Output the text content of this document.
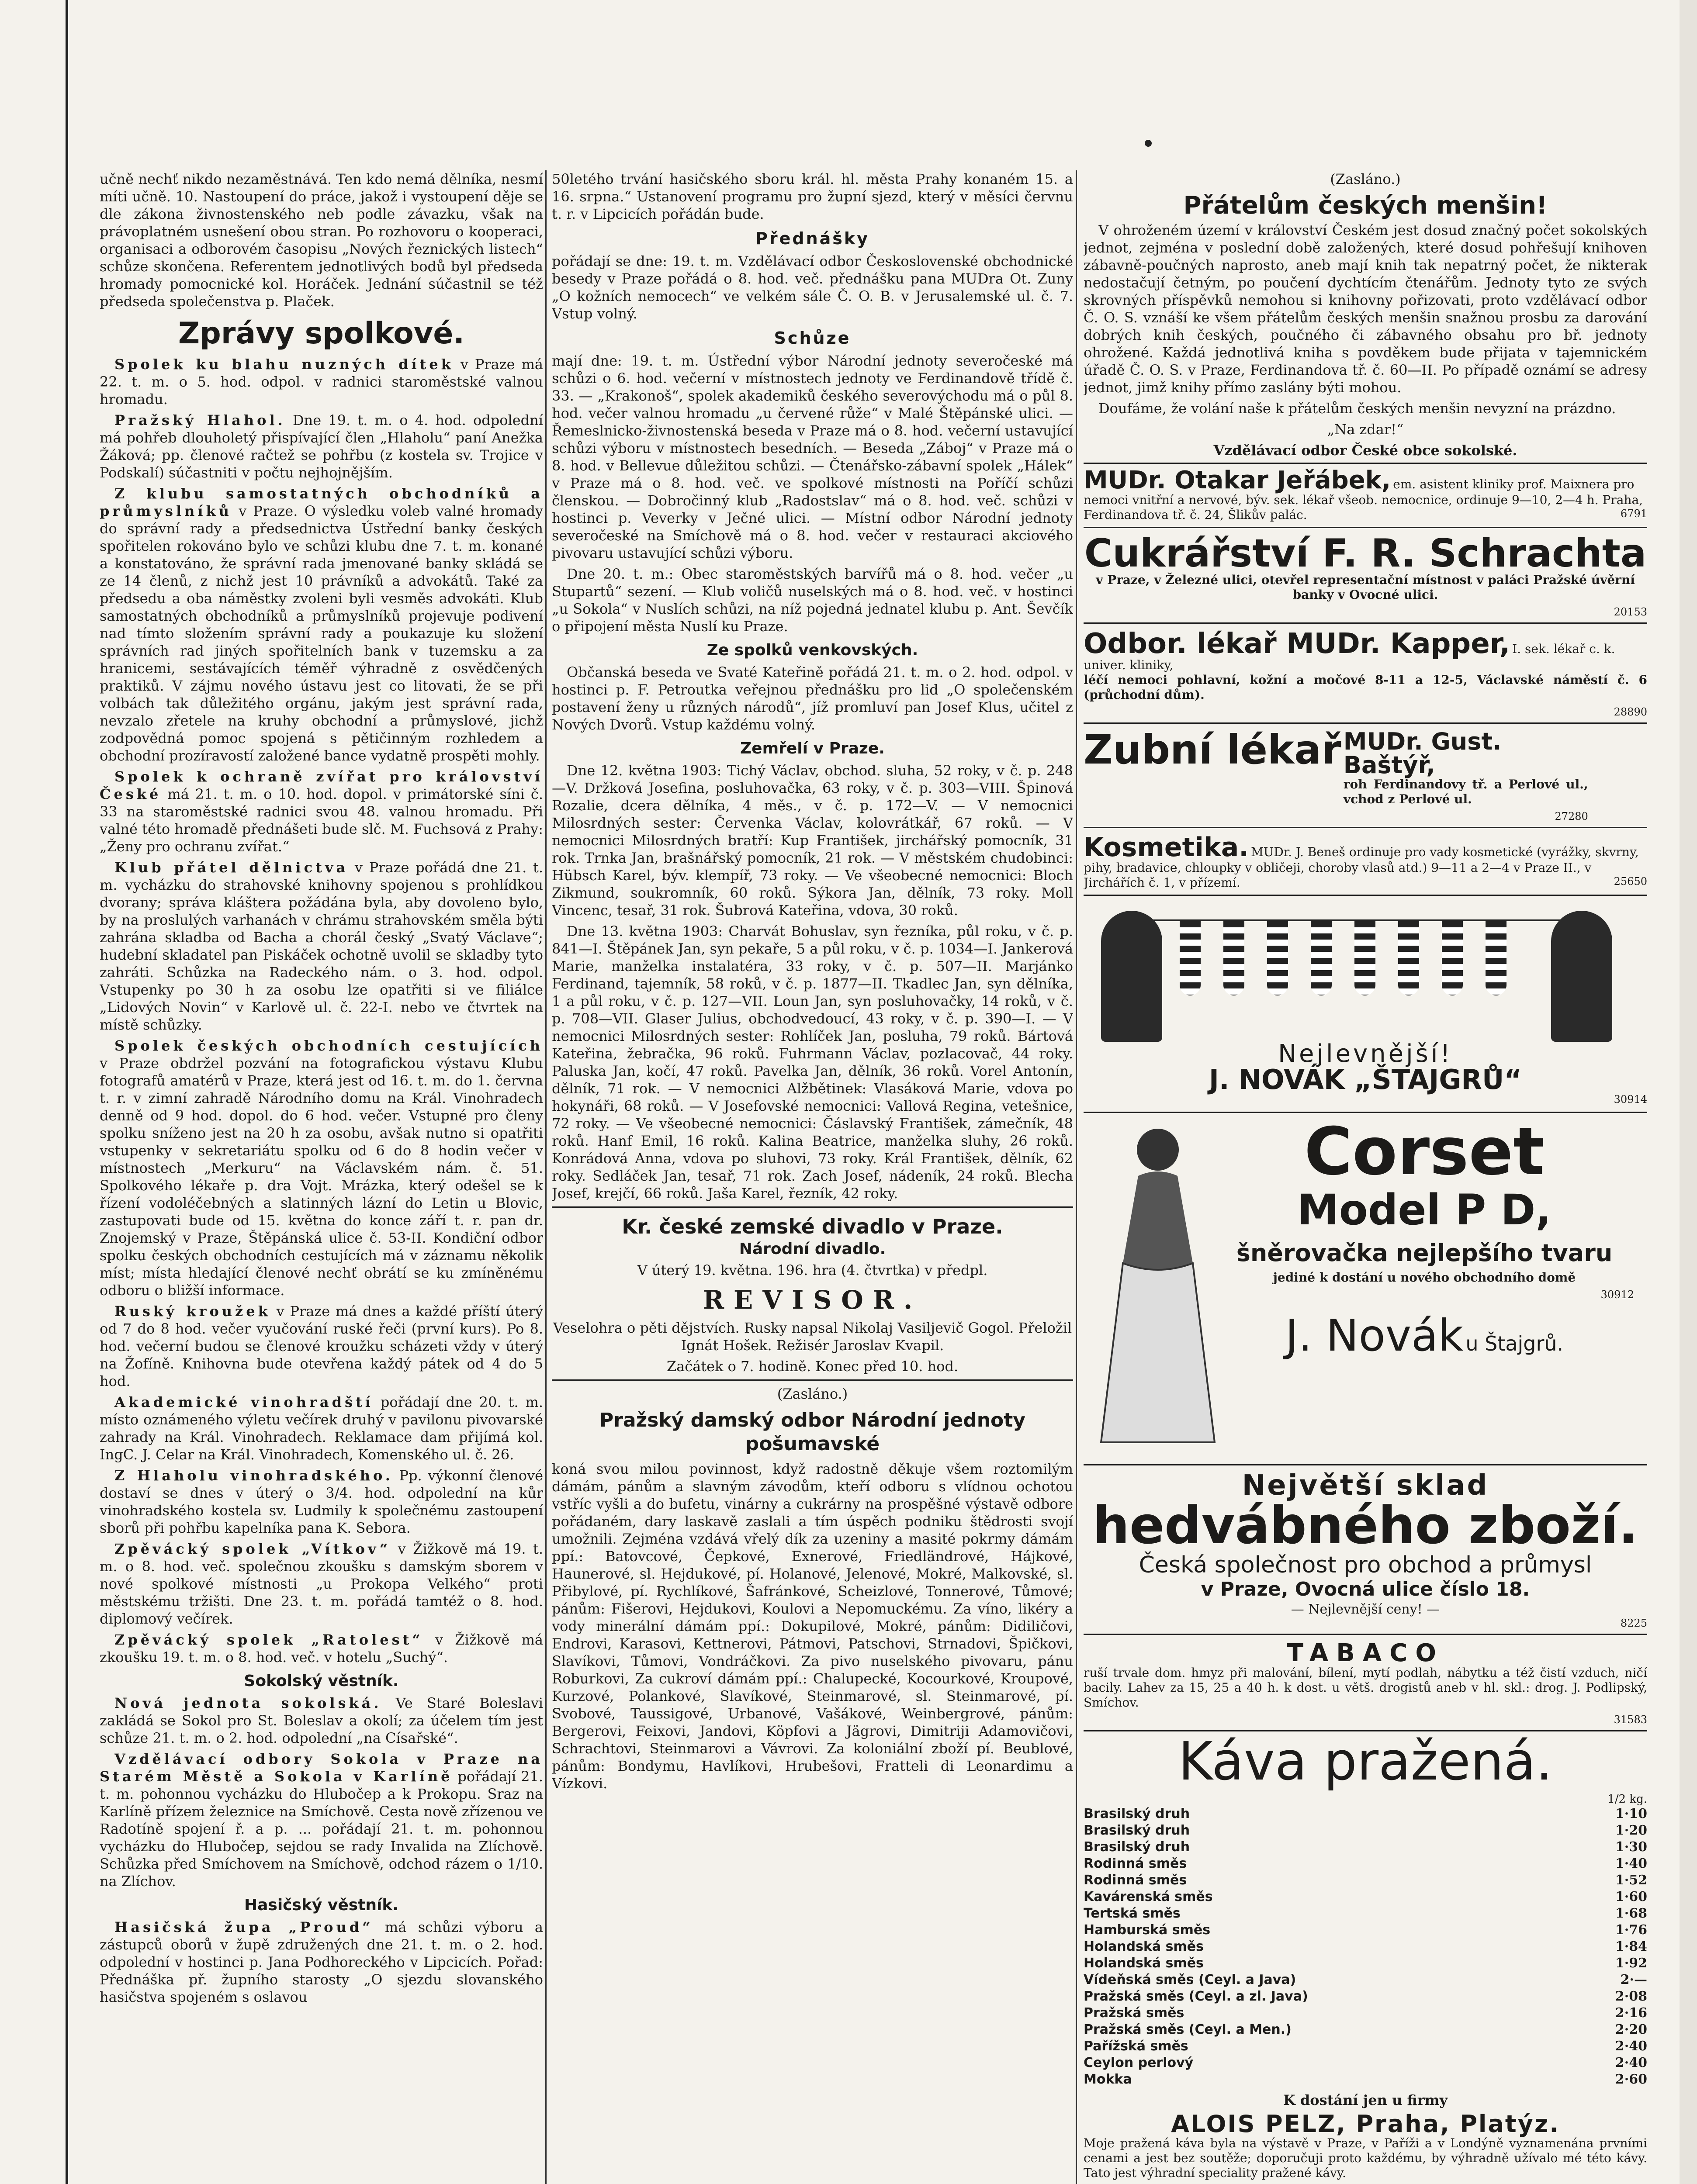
učně nechť nikdo nezaměstnává. Ten kdo nemá dělníka, nesmí míti učně. 10. Nastoupení do práce, jakož i vystoupení děje se dle zákona živnostenského neb podle závazku, však na právoplatném usnešení obou stran. Po rozhovoru o kooperaci, organisaci a odborovém časopisu „Nových řeznických listech“ schůze skončena. Referentem jednotlivých bodů byl předseda hromady pomocnické kol. Horáček. Jednání súčastnil se též předseda společenstva p. Plaček.

Zprávy spolkové.

Spolek ku blahu nuzných dítek v Praze má 22. t. m. o 5. hod. odpol. v radnici staroměstské valnou hromadu.

Pražský Hlahol. Dne 19. t. m. o 4. hod. odpolední má pohřeb dlouholetý přispívající člen „Hlaholu“ paní Anežka Žáková; pp. členové račtež se pohřbu (z kostela sv. Trojice v Podskalí) súčastniti v počtu nejhojnějším.

Z klubu samostatných obchodníků a průmyslníků v Praze. O výsledku voleb valné hromady do správní rady a předsednictva Ústřední banky českých spořitelen rokováno bylo ve schůzi klubu dne 7. t. m. konané a konstatováno, že správní rada jmenované banky skládá se ze 14 členů, z nichž jest 10 právníků a advokátů. Také za předsedu a oba náměstky zvoleni byli vesměs advokáti. Klub samostatných obchodníků a průmyslníků projevuje podivení nad tímto složením správní rady a poukazuje ku složení správních rad jiných spořitelních bank v tuzemsku a za hranicemi, sestávajících téměř výhradně z osvědčených praktiků. V zájmu nového ústavu jest co litovati, že se při volbách tak důležitého orgánu, jakým jest správní rada, nevzalo zřetele na kruhy obchodní a průmyslové, jichž zodpovědná pomoc spojená s pětičinným rozhledem a obchodní prozíravostí založené bance vydatně prospěti mohly.

Spolek k ochraně zvířat pro království České má 21. t. m. o 10. hod. dopol. v primátorské síni č. 33 na staroměstské radnici svou 48. valnou hromadu. Při valné této hromadě přednášeti bude slč. M. Fuchsová z Prahy: „Ženy pro ochranu zvířat.“

Klub přátel dělnictva v Praze pořádá dne 21. t. m. vycházku do strahovské knihovny spojenou s prohlídkou dvorany; správa kláštera požádána byla, aby dovoleno bylo, by na proslulých varhanách v chrámu strahovském směla býti zahrána skladba od Bacha a chorál český „Svatý Václave“; hudební skladatel pan Piskáček ochotně uvolil se skladby tyto zahráti. Schůzka na Radeckého nám. o 3. hod. odpol. Vstupenky po 30 h za osobu lze opatřiti si ve filiálce „Lidových Novin“ v Karlově ul. č. 22-I. nebo ve čtvrtek na místě schůzky.

Spolek českých obchodních cestujících v Praze obdržel pozvání na fotografickou výstavu Klubu fotografů amatérů v Praze, která jest od 16. t. m. do 1. června t. r. v zimní zahradě Národního domu na Král. Vinohradech denně od 9 hod. dopol. do 6 hod. večer. Vstupné pro členy spolku sníženo jest na 20 h za osobu, avšak nutno si opatřiti vstupenky v sekretariátu spolku od 6 do 8 hodin večer v místnostech „Merkuru“ na Václavském nám. č. 51. Spolkového lékaře p. dra Vojt. Mrázka, který odešel se k řízení vodoléčebných a slatinných lázní do Letin u Blovic, zastupovati bude od 15. května do konce září t. r. pan dr. Znojemský v Praze, Štěpánská ulice č. 53-II. Kondiční odbor spolku českých obchodních cestujících má v záznamu několik míst; místa hledající členové nechť obrátí se ku zmíněnému odboru o bližší informace.

Ruský kroužek v Praze má dnes a každé příští úterý od 7 do 8 hod. večer vyučování ruské řeči (první kurs). Po 8. hod. večerní budou se členové kroužku scházeti vždy v úterý na Žofíně. Knihovna bude otevřena každý pátek od 4 do 5 hod.

Akademické vinohradští pořádají dne 20. t. m. místo oznámeného výletu večírek druhý v pavilonu pivovarské zahrady na Král. Vinohradech. Reklamace dam přijímá kol. IngC. J. Celar na Král. Vinohradech, Komenského ul. č. 26.

Z Hlaholu vinohradského. Pp. výkonní členové dostaví se dnes v úterý o 3/4. hod. odpolední na kůr vinohradského kostela sv. Ludmily k společnému zastoupení sborů při pohřbu kapelníka pana K. Sebora.

Zpěvácký spolek „Vítkov“ v Žižkově má 19. t. m. o 8. hod. več. společnou zkoušku s damským sborem v nové spolkové místnosti „u Prokopa Velkého“ proti městskému tržišti. Dne 23. t. m. pořádá tamtéž o 8. hod. diplomový večírek.

Zpěvácký spolek „Ratolest“ v Žižkově má zkoušku 19. t. m. o 8. hod. več. v hotelu „Suchý“.

Sokolský věstník.

Nová jednota sokolská. Ve Staré Boleslavi zakládá se Sokol pro St. Boleslav a okolí; za účelem tím jest schůze 21. t. m. o 2. hod. odpolední „na Císařské“.

Vzdělávací odbory Sokola v Praze na Starém Městě a Sokola v Karlíně pořádají 21. t. m. pohonnou vycházku do Hlubočep a k Prokopu. Sraz na Karlíně přízem železnice na Smíchově. Cesta nově zřízenou ve Radotíně spojení ř. a p. ... pořádají 21. t. m. pohonnou vycházku do Hlubočep, sejdou se rady Invalida na Zlíchově. Schůzka před Smíchovem na Smíchově, odchod rázem o 1/10. na Zlíchov.

Hasičský věstník.

Hasičská župa „Proud“ má schůzi výboru a zástupců oborů v župě združených dne 21. t. m. o 2. hod. odpolední v hostinci p. Jana Podhoreckého v Lipcicích. Pořad: Přednáška př. župního starosty „O sjezdu slovanského hasičstva spojeném s oslavou

50letého trvání hasičského sboru král. hl. města Prahy konaném 15. a 16. srpna.“ Ustanovení programu pro župní sjezd, který v měsíci červnu t. r. v Lipcicích pořádán bude.

Přednášky

pořádají se dne: 19. t. m. Vzdělávací odbor Československé obchodnické besedy v Praze pořádá o 8. hod. več. přednášku pana MUDra Ot. Zuny „O kožních nemocech“ ve velkém sále Č. O. B. v Jerusalemské ul. č. 7. Vstup volný.

Schůze

mají dne: 19. t. m. Ústřední výbor Národní jednoty severočeské má schůzi o 6. hod. večerní v místnostech jednoty ve Ferdinandově třídě č. 33. — „Krakonoš“, spolek akademiků českého severovýchodu má o půl 8. hod. večer valnou hromadu „u červené růže“ v Malé Štěpánské ulici. — Řemeslnicko-živnostenská beseda v Praze má o 8. hod. večerní ustavující schůzi výboru v místnostech besedních. — Beseda „Záboj“ v Praze má o 8. hod. v Bellevue důležitou schůzi. — Čtenářsko-zábavní spolek „Hálek“ v Praze má o 8. hod. več. ve spolkové místnosti na Poříčí schůzi členskou. — Dobročinný klub „Radostslav“ má o 8. hod. več. schůzi v hostinci p. Veverky v Ječné ulici. — Místní odbor Národní jednoty severočeské na Smíchově má o 8. hod. večer v restauraci akciového pivovaru ustavující schůzi výboru.

Dne 20. t. m.: Obec staroměstských barvířů má o 8. hod. večer „u Stupartů“ sezení. — Klub voličů nuselských má o 8. hod. več. v hostinci „u Sokola“ v Nuslích schůzi, na níž pojedná jednatel klubu p. Ant. Ševčík o připojení města Nuslí ku Praze.

Ze spolků venkovských.

Občanská beseda ve Svaté Kateřině pořádá 21. t. m. o 2. hod. odpol. v hostinci p. F. Petroutka veřejnou přednášku pro lid „O společenském postavení ženy u různých národů“, jíž promluví pan Josef Klus, učitel z Nových Dvorů. Vstup každému volný.

Zemřelí v Praze.

Dne 12. května 1903: Tichý Václav, obchod. sluha, 52 roky, v č. p. 248—V. Držková Josefina, posluhovačka, 63 roky, v č. p. 303—VIII. Špinová Rozalie, dcera dělníka, 4 měs., v č. p. 172—V. — V nemocnici Milosrdných sester: Červenka Václav, kolovrátkář, 67 roků. — V nemocnici Milosrdných bratří: Kup František, jirchářský pomocník, 31 rok. Trnka Jan, brašnářský pomocník, 21 rok. — V městském chudobinci: Hübsch Karel, býv. klempíř, 73 roky. — Ve všeobecné nemocnici: Bloch Zikmund, soukromník, 60 roků. Sýkora Jan, dělník, 73 roky. Moll Vincenc, tesař, 31 rok. Šubrová Kateřina, vdova, 30 roků.

Dne 13. května 1903: Charvát Bohuslav, syn řezníka, půl roku, v č. p. 841—I. Štěpánek Jan, syn pekaře, 5 a půl roku, v č. p. 1034—I. Jankerová Marie, manželka instalatéra, 33 roky, v č. p. 507—II. Marjánko Ferdinand, tajemník, 58 roků, v č. p. 1877—II. Tkadlec Jan, syn dělníka, 1 a půl roku, v č. p. 127—VII. Loun Jan, syn posluhovačky, 14 roků, v č. p. 708—VII. Glaser Julius, obchodvedoucí, 43 roky, v č. p. 390—I. — V nemocnici Milosrdných sester: Rohlíček Jan, posluha, 79 roků. Bártová Kateřina, žebračka, 96 roků. Fuhrmann Václav, pozlacovač, 44 roky. Paluska Jan, kočí, 47 roků. Pavelka Jan, dělník, 36 roků. Vorel Antonín, dělník, 71 rok. — V nemocnici Alžbětinek: Vlasáková Marie, vdova po hokynáři, 68 roků. — V Josefovské nemocnici: Vallová Regina, vetešnice, 72 roky. — Ve všeobecné nemocnici: Čáslavský František, zámečník, 48 roků. Hanf Emil, 16 roků. Kalina Beatrice, manželka sluhy, 26 roků. Konrádová Anna, vdova po sluhovi, 73 roky. Král František, dělník, 62 roky. Sedláček Jan, tesař, 71 rok. Zach Josef, nádeník, 24 roků. Blecha Josef, krejčí, 66 roků. Jaša Karel, řezník, 42 roky.

Kr. české zemské divadlo v Praze.
Národní divadlo.

V úterý 19. května. 196. hra (4. čtvrtka) v předpl.

REVISOR.

Veselohra o pěti dějstvích. Rusky napsal Nikolaj Vasiljevič Gogol. Přeložil Ignát Hošek. Režisér Jaroslav Kvapil.

Začátek o 7. hodině. Konec před 10. hod.

(Zasláno.)

Pražský damský odbor Národní jednoty pošumavské

koná svou milou povinnost, když radostně děkuje všem roztomilým dámám, pánům a slavným závodům, kteří odboru s vlídnou ochotou vstříc vyšli a do bufetu, vinárny a cukrárny na prospěšné výstavě odbore pořádaném, dary laskavě zaslali a tím úspěch podniku štědrosti svojí umožnili. Zejména vzdává vřelý dík za uzeniny a masité pokrmy dámám ppí.: Batovcové, Čepkové, Exnerové, Friedländrové, Hájkové, Haunerové, sl. Hejdukové, pí. Holanové, Jelenové, Mokré, Malkovské, sl. Přibylové, pí. Rychlíkové, Šafránkové, Scheizlové, Tonnerové, Tůmové; pánům: Fišerovi, Hejdukovi, Koulovi a Nepomuckému. Za víno, likéry a vody minerální dámám ppí.: Dokupilové, Mokré, pánům: Didiličovi, Endrovi, Karasovi, Kettnerovi, Pátmovi, Patschovi, Strnadovi, Špičkovi, Slavíkovi, Tůmovi, Vondráčkovi. Za pivo nuselského pivovaru, pánu Roburkovi, Za cukroví dámám ppí.: Chalupecké, Kocourkové, Kroupové, Kurzové, Polankové, Slavíkové, Steinmarové, sl. Steinmarové, pí. Svobové, Taussigové, Urbanové, Vašákové, Weinbergrové, pánům: Bergerovi, Feixovi, Jandovi, Köpfovi a Jägrovi, Dimitriji Adamovičovi, Schrachtovi, Steinmarovi a Vávrovi. Za koloniální zboží pí. Beublové, pánům: Bondymu, Havlíkovi, Hrubešovi, Fratteli di Leonardimu a Vízkovi.

(Zasláno.)

Přátelům českých menšin!

V ohroženém území v království Českém jest dosud značný počet sokolských jednot, zejména v poslední době založených, které dosud pohřešují knihoven zábavně-poučných naprosto, aneb mají knih tak nepatrný počet, že nikterak nedostačují četným, po poučení dychtícím čtenářům. Jednoty tyto ze svých skrovných příspěvků nemohou si knihovny pořizovati, proto vzdělávací odbor Č. O. S. vznáší ke všem přátelům českých menšin snažnou prosbu za darování dobrých knih českých, poučného či zábavného obsahu pro bř. jednoty ohrožené. Každá jednotlivá kniha s povděkem bude přijata v tajemnickém úřadě Č. O. S. v Praze, Ferdinandova tř. č. 60—II. Po případě oznámí se adresy jednot, jimž knihy přímo zaslány býti mohou.

Doufáme, že volání naše k přátelům českých menšin nevyzní na prázdno.

„Na zdar!“

Vzdělávací odbor České obce sokolské.

MUDr. Otakar Jeřábek, em. asistent kliniky prof. Maixnera pro nemoci vnitřní a nervové, býv. sek. lékař všeob. nemocnice, ordinuje 9—10, 2—4 h. Praha, Ferdinandova tř. č. 24, Šlikův palác.	6791
Cukrářství F. R. Schrachta

v Praze, v Železné ulici, otevřel representační místnost v paláci Pražské úvěrní banky v Ovocné ulici.

20153
Odbor. lékař MUDr. Kapper, I. sek. lékař c. k. univer. kliniky,

léčí nemoci pohlavní, kožní a močové 8-11 a 12-5, Václavské náměstí č. 6 (průchodní dům).

28890
Zubní lékař MUDr. Gust. Baštýř,

roh Ferdinandovy tř. a Perlové ul., vchod z Perlové ul.

27280
Kosmetika. MUDr. J. Beneš ordinuje pro vady kosmetické (vyrážky, skvrny, pihy, bradavice, chloupky v obličeji, choroby vlasů atd.) 9—11 a 2—4 v Praze II., v Jirchářích č. 1, v přízemí.	25650
Nejlevnější!
J. NOVÁK „ŠTAJGRŮ“
30914
Corset
Model P D,
šněrovačka nejlepšího tvaru

jediné k dostání u nového obchodního domě

30912
J. Novák u Štajgrů.
Největší sklad
hedvábného zboží.
Česká společnost pro obchod a průmysl
v Praze, Ovocná ulice číslo 18.
— Nejlevnější ceny! —
8225
TABACO

ruší trvale dom. hmyz při malování, bílení, mytí podlah, nábytku a též čistí vzduch, ničí bacily. Lahev za 15, 25 a 40 h. k dost. u větš. drogistů aneb v hl. skl.: drog. J. Podlipský, Smíchov.

31583
Káva pražená.
1/2 kg.
Brasilský druh	1·10
Brasilský druh	1·20
Brasilský druh	1·30
Rodinná směs	1·40
Rodinná směs	1·52
Kavárenská směs	1·60
Tertská směs	1·68
Hamburská směs	1·76
Holandská směs	1·84
Holandská směs	1·92
Vídeňská směs (Ceyl. a Java)	2·—
Pražská směs (Ceyl. a zl. Java)	2·08
Pražská směs	2·16
Pražská směs (Ceyl. a Men.)	2·20
Pařížská směs	2·40
Ceylon perlový	2·40
Mokka	2·60

K dostání jen u firmy

ALOIS PELZ, Praha, Platýz.

Moje pražená káva byla na výstavě v Praze, v Paříži a v Londýně vyznamenána prvními cenami a jest bez soutěže; doporučuji proto každému, by výhradně užívalo mé této kávy. Tato jest výhradní speciality pražené kávy.
